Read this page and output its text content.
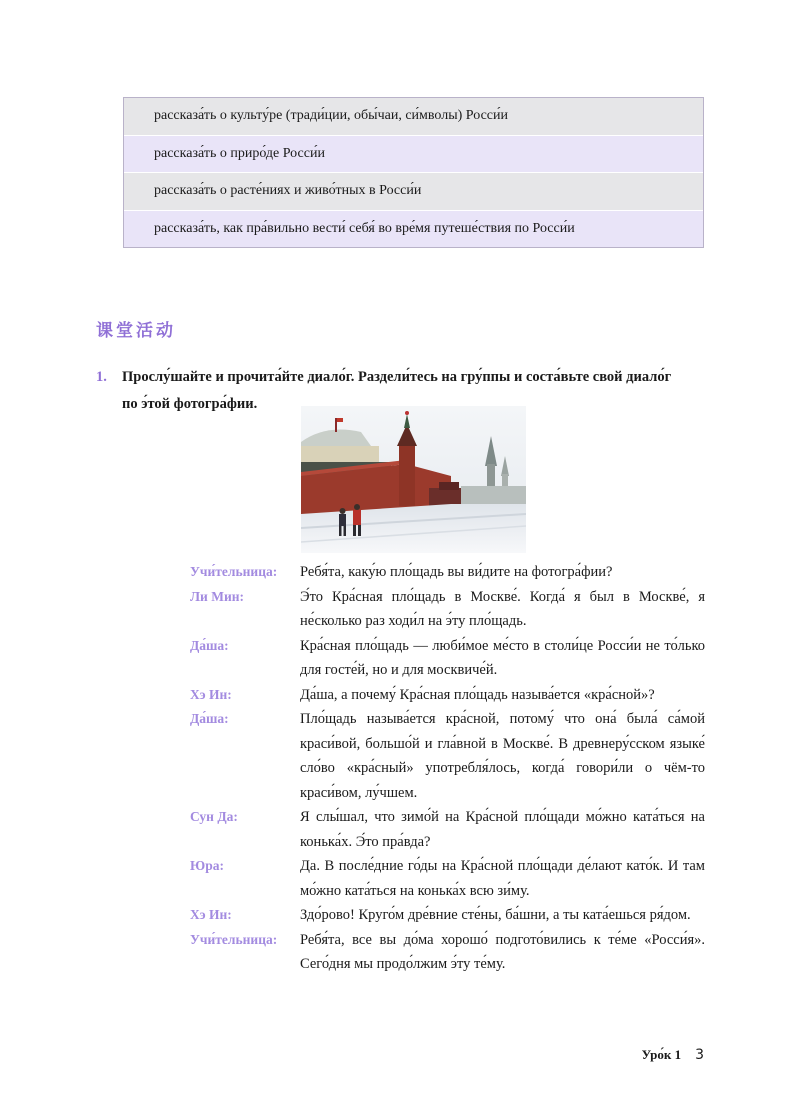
рассказа́ть о культу́ре (тради́ции, обы́чаи, си́мволы) Росси́и
рассказа́ть о приро́де Росси́и
рассказа́ть о расте́ниях и живо́тных в Росси́и
рассказа́ть, как пра́вильно вести́ себя́ во вре́мя путеше́ствия по Росси́и
课堂活动
1. Прослу́шайте и прочита́йте диало́г. Раздели́тесь на гру́ппы и соста́вьте свой диало́г
по э́той фотогра́фии.
Учи́тельница:	Ребя́та, каку́ю пло́щадь вы ви́дите на фотогра́фии?
Ли Мин:	Э́то Кра́сная пло́щадь в Москве́. Когда́ я был в Москве́, я не́сколько раз ходи́л на э́ту пло́щадь.
Да́ша:	Кра́сная пло́щадь — люби́мое ме́сто в столи́це Росси́и не то́лько для госте́й, но и для москвиче́й.
Хэ Ин:	Да́ша, а почему́ Кра́сная пло́щадь называ́ется «кра́сной»?
Да́ша:	Пло́щадь называ́ется кра́сной, потому́ что она́ была́ са́мой краси́вой, большо́й и гла́вной в Москве́. В древнеру́сском языке́ сло́во «кра́сный» употребля́лось, когда́ говори́ли о чём-то краси́вом, лу́чшем.
Сун Да:	Я слы́шал, что зимо́й на Кра́сной пло́щади мо́жно ката́ться на конька́х. Э́то пра́вда?
Юра:	Да. В после́дние го́ды на Кра́сной пло́щади де́лают като́к. И там мо́жно ката́ться на конька́х всю зи́му.
Хэ Ин:	Здо́рово! Круго́м дре́вние сте́ны, ба́шни, а ты ката́ешься ря́дом.
Учи́тельница:	Ребя́та, все вы до́ма хорошо́ подгото́вились к те́ме «Росси́я». Сего́дня мы продо́лжим э́ту те́му.
Уро́к 1 3
